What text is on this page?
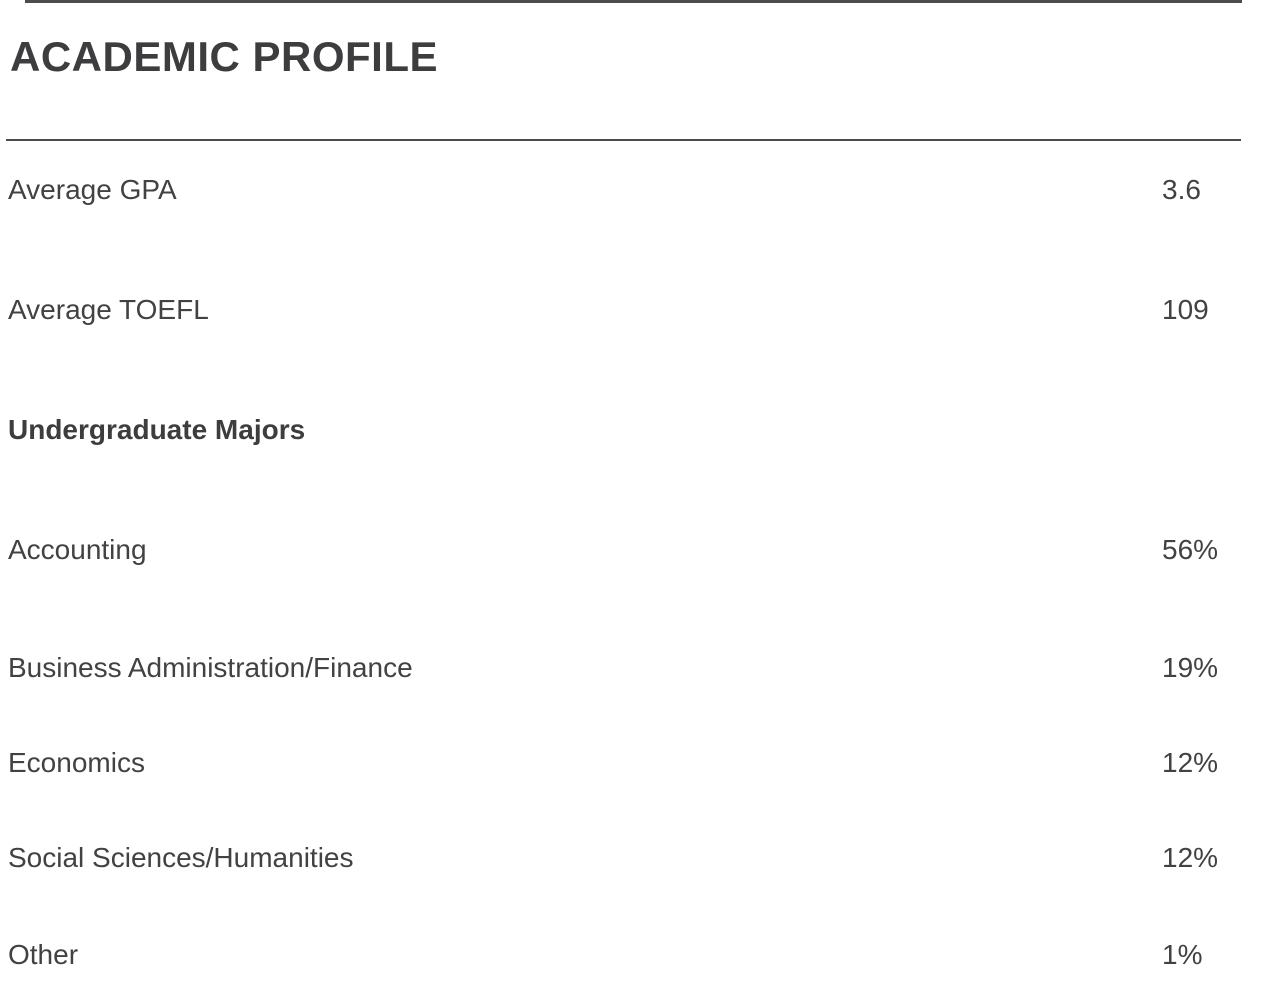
ACADEMIC PROFILE
Average GPA	3.6
Average TOEFL	109
Undergraduate Majors
Accounting	56%
Business Administration/Finance	19%
Economics	12%
Social Sciences/Humanities	12%
Other	1%
